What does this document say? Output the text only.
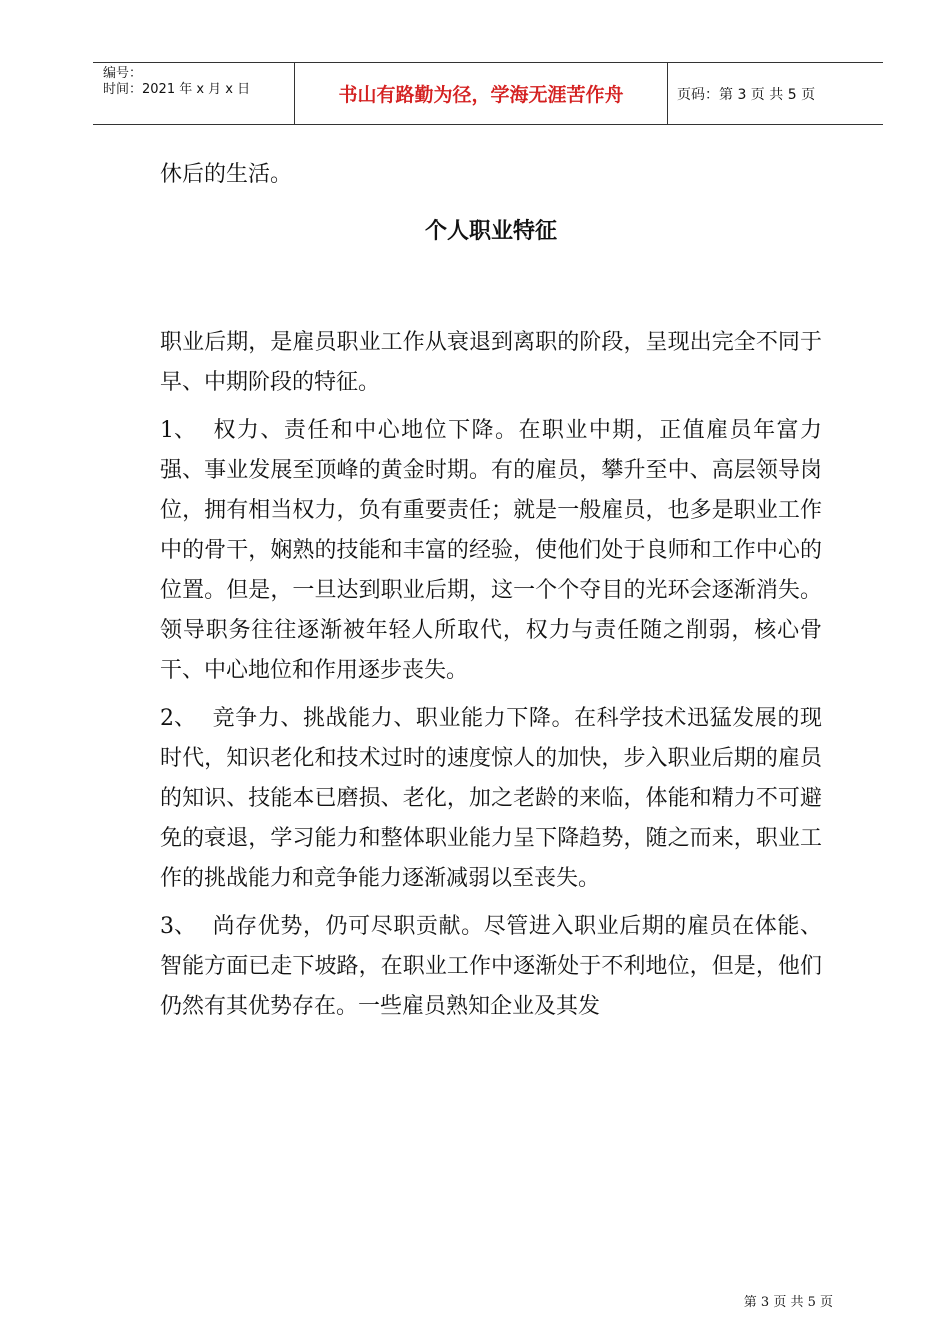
编号：
时间：2021 年 x 月 x 日	书山有路勤为径，学海无涯苦作舟	页码：第 3 页 共 5 页

休后的生活。

个人职业特征

职业后期，是雇员职业工作从衰退到离职的阶段，呈现出完全不同于早、中期阶段的特征。

1、 权力、责任和中心地位下降。在职业中期，正值雇员年富力强、事业发展至顶峰的黄金时期。有的雇员，攀升至中、高层领导岗位，拥有相当权力，负有重要责任；就是一般雇员，也多是职业工作中的骨干，娴熟的技能和丰富的经验，使他们处于良师和工作中心的位置。但是，一旦达到职业后期，这一个个夺目的光环会逐渐消失。领导职务往往逐渐被年轻人所取代，权力与责任随之削弱，核心骨干、中心地位和作用逐步丧失。

2、 竞争力、挑战能力、职业能力下降。在科学技术迅猛发展的现时代，知识老化和技术过时的速度惊人的加快，步入职业后期的雇员的知识、技能本已磨损、老化，加之老龄的来临，体能和精力不可避免的衰退，学习能力和整体职业能力呈下降趋势，随之而来，职业工作的挑战能力和竞争能力逐渐减弱以至丧失。

3、 尚存优势，仍可尽职贡献。尽管进入职业后期的雇员在体能、智能方面已走下坡路，在职业工作中逐渐处于不利地位，但是，他们仍然有其优势存在。一些雇员熟知企业及其发

第 3 页 共 5 页
